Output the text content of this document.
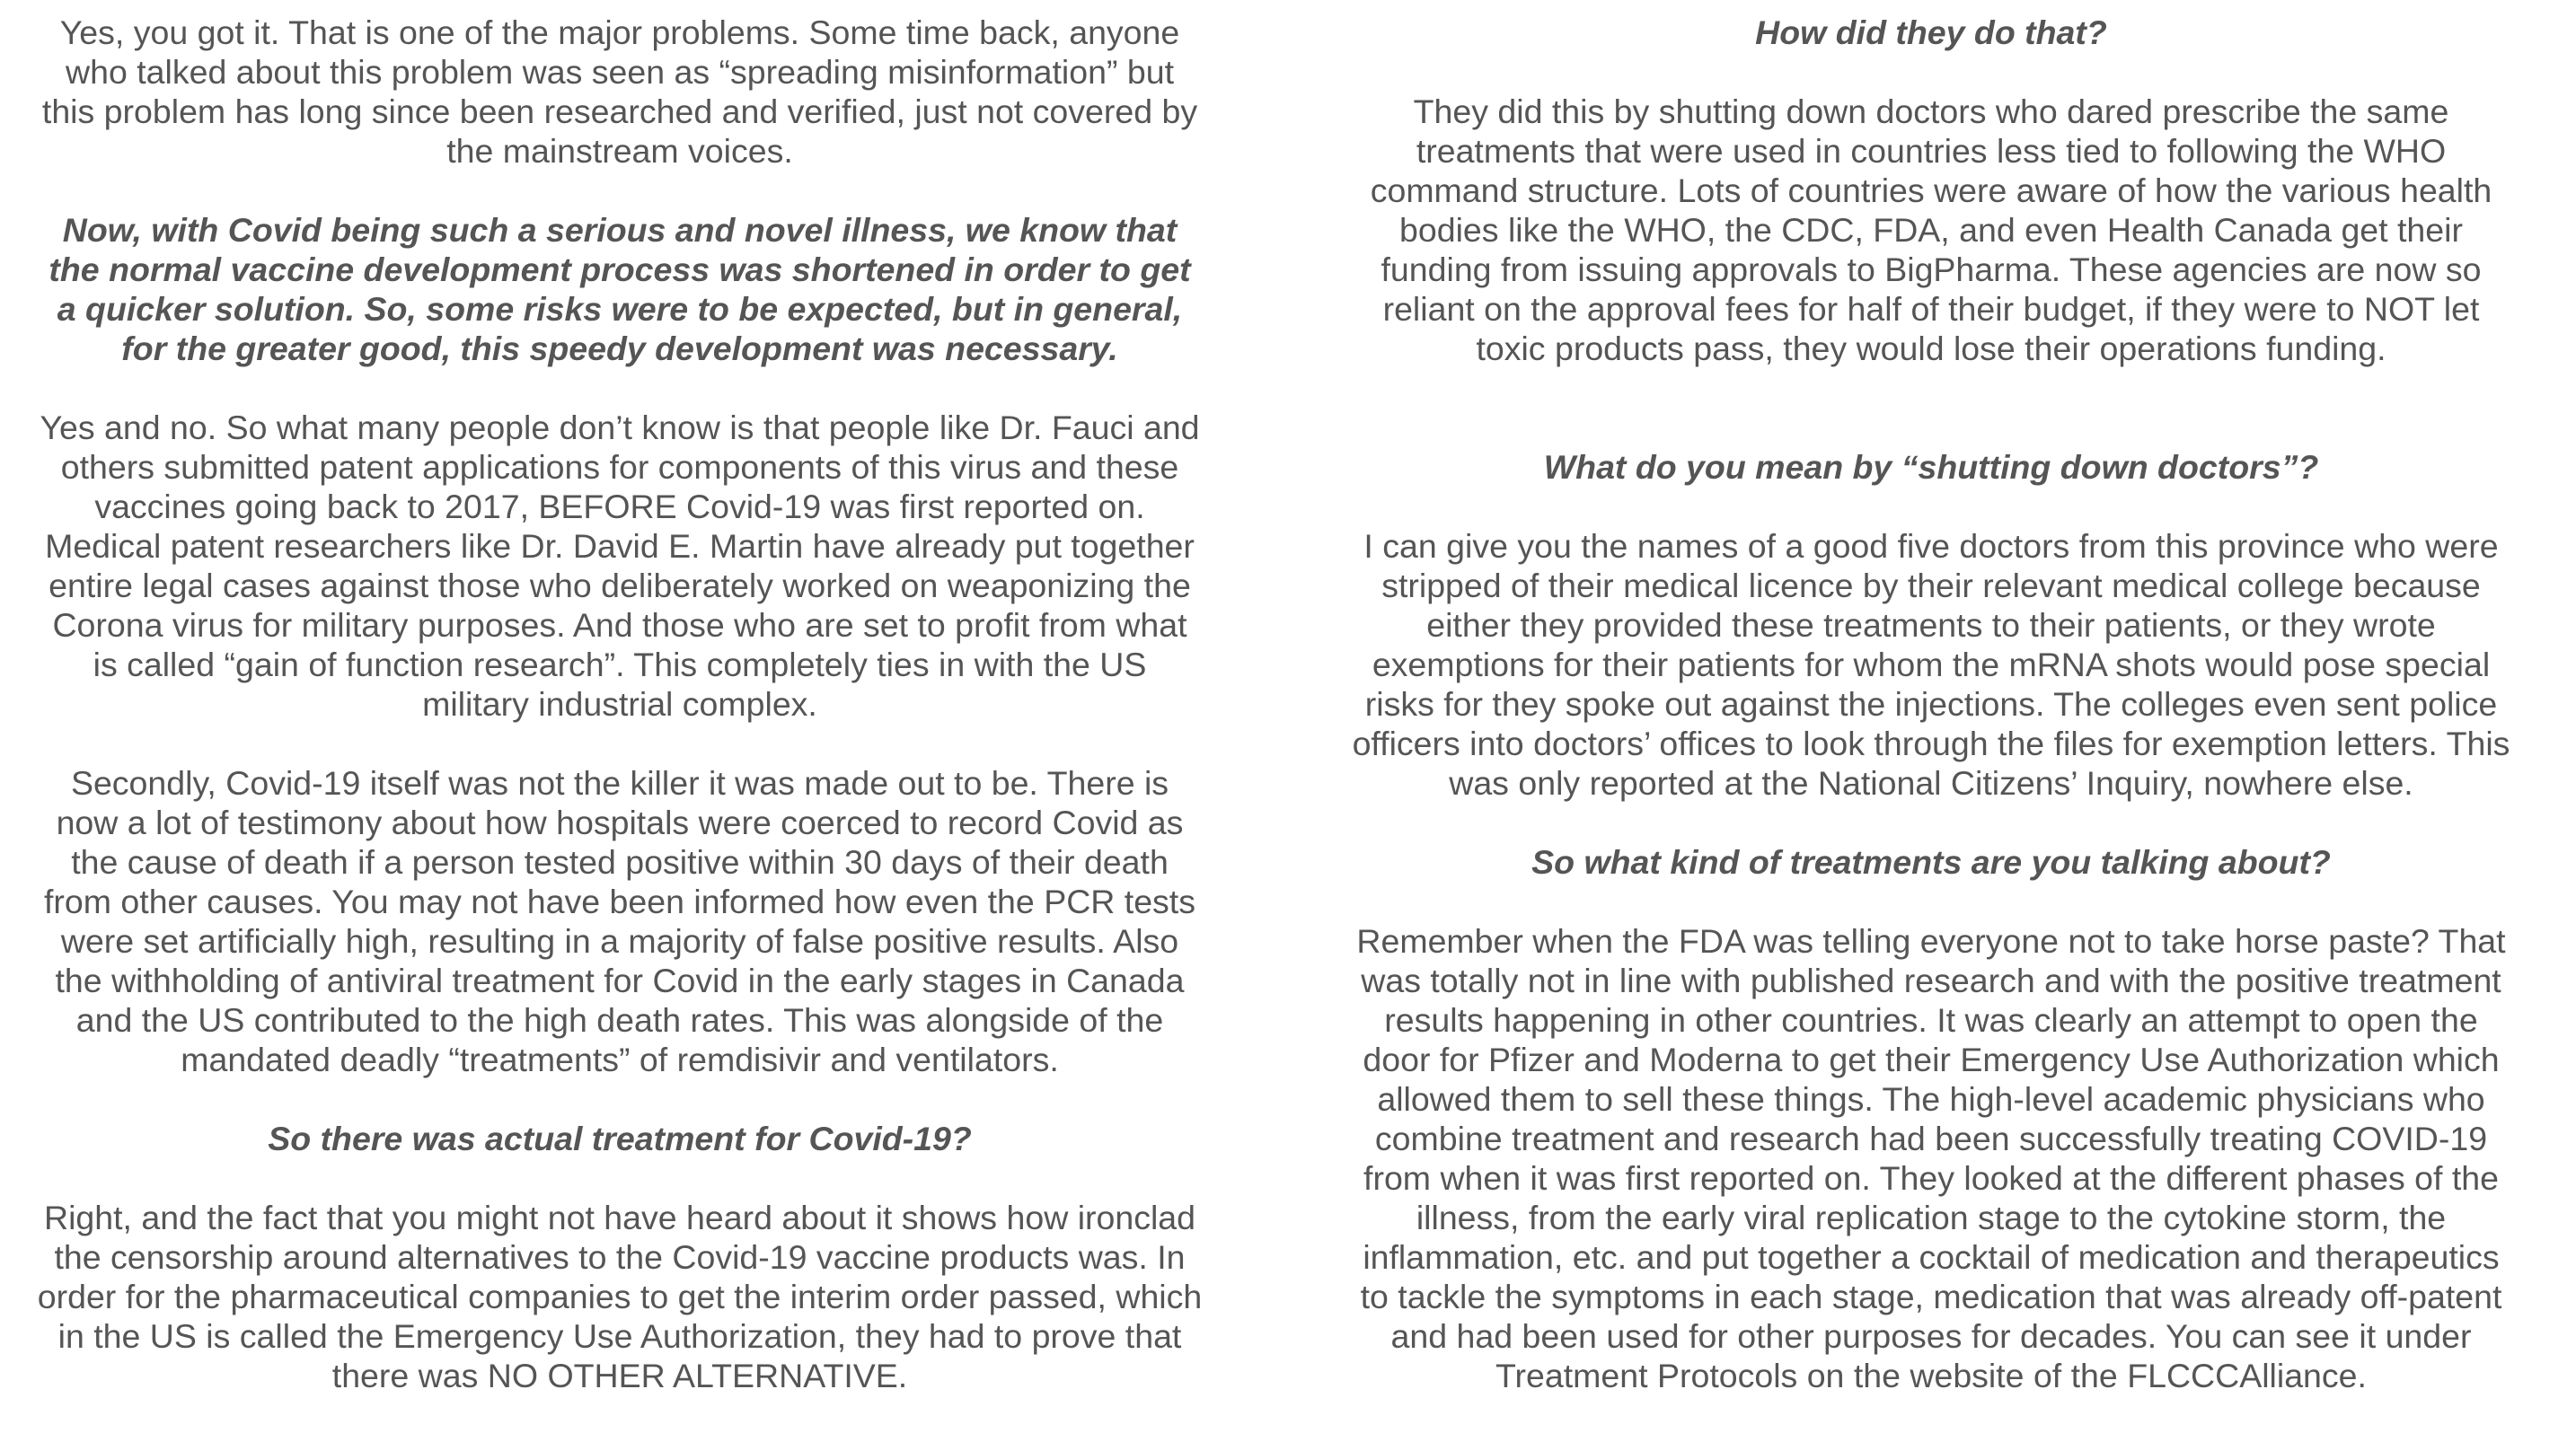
Yes, you got it. That is one of the major problems. Some time back, anyone who talked about this problem was seen as “spreading misinformation” but this problem has long since been researched and verified, just not covered by the mainstream voices.

Now, with Covid being such a serious and novel illness, we know that the normal vaccine development process was shortened in order to get a quicker solution. So, some risks were to be expected, but in general, for the greater good, this speedy development was necessary.

Yes and no. So what many people don’t know is that people like Dr. Fauci and others submitted patent applications for components of this virus and these vaccines going back to 2017, BEFORE Covid-19 was first reported on. Medical patent researchers like Dr. David E. Martin have already put together entire legal cases against those who deliberately worked on weaponizing the Corona virus for military purposes. And those who are set to profit from what is called “gain of function research”. This completely ties in with the US military industrial complex.

Secondly, Covid-19 itself was not the killer it was made out to be. There is now a lot of testimony about how hospitals were coerced to record Covid as the cause of death if a person tested positive within 30 days of their death from other causes. You may not have been informed how even the PCR tests were set artificially high, resulting in a majority of false positive results. Also the withholding of antiviral treatment for Covid in the early stages in Canada and the US contributed to the high death rates. This was alongside of the mandated deadly “treatments” of remdisivir and ventilators.

So there was actual treatment for Covid-19?

Right, and the fact that you might not have heard about it shows how ironclad the censorship around alternatives to the Covid-19 vaccine products was. In order for the pharmaceutical companies to get the interim order passed, which in the US is called the Emergency Use Authorization, they had to prove that there was NO OTHER ALTERNATIVE.

How did they do that?

They did this by shutting down doctors who dared prescribe the same treatments that were used in countries less tied to following the WHO command structure. Lots of countries were aware of how the various health bodies like the WHO, the CDC, FDA, and even Health Canada get their funding from issuing approvals to BigPharma. These agencies are now so reliant on the approval fees for half of their budget, if they were to NOT let toxic products pass, they would lose their operations funding.

What do you mean by “shutting down doctors”?

I can give you the names of a good five doctors from this province who were stripped of their medical licence by their relevant medical college because either they provided these treatments to their patients, or they wrote exemptions for their patients for whom the mRNA shots would pose special risks for they spoke out against the injections. The colleges even sent police officers into doctors’ offices to look through the files for exemption letters. This was only reported at the National Citizens’ Inquiry, nowhere else.

So what kind of treatments are you talking about?

Remember when the FDA was telling everyone not to take horse paste? That was totally not in line with published research and with the positive treatment results happening in other countries. It was clearly an attempt to open the door for Pfizer and Moderna to get their Emergency Use Authorization which allowed them to sell these things. The high-level academic physicians who combine treatment and research had been successfully treating COVID-19 from when it was first reported on. They looked at the different phases of the illness, from the early viral replication stage to the cytokine storm, the inflammation, etc. and put together a cocktail of medication and therapeutics to tackle the symptoms in each stage, medication that was already off-patent and had been used for other purposes for decades. You can see it under Treatment Protocols on the website of the FLCCCAlliance.
